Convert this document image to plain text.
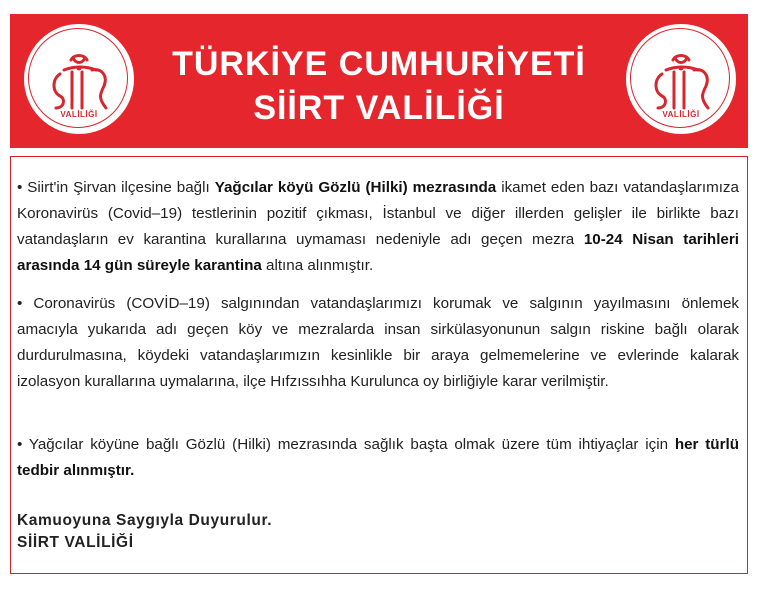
VALİLİĞİ
TÜRKİYE CUMHURİYETİ
SİİRT VALİLİĞİ	VALİLİĞİ
• Siirt'in Şirvan ilçesine bağlı Yağcılar köyü Gözlü (Hilki) mezrasında ikamet eden bazı vatandaşlarımıza Koronavirüs (Covid–19) testlerinin pozitif çıkması, İstanbul ve diğer illerden gelişler ile birlikte bazı vatandaşların ev karantina kurallarına uymaması nedeniyle adı geçen mezra 10-24 Nisan tarihleri arasında 14 gün süreyle karantina altına alınmıştır.
• Coronavirüs (COVİD–19) salgınından vatandaşlarımızı korumak ve salgının yayılmasını önlemek amacıyla yukarıda adı geçen köy ve mezralarda insan sirkülasyonunun salgın riskine bağlı olarak durdurulmasına, köydeki vatandaşlarımızın kesinlikle bir araya gelmemelerine ve evlerinde kalarak izolasyon kurallarına uymalarına, ilçe Hıfzıssıhha Kurulunca oy birliğiyle karar verilmiştir.
• Yağcılar köyüne bağlı Gözlü (Hilki) mezrasında sağlık başta olmak üzere tüm ihtiyaçlar için her türlü tedbir alınmıştır.
Kamuoyuna Saygıyla Duyurulur.
SİİRT VALİLİĞİ
